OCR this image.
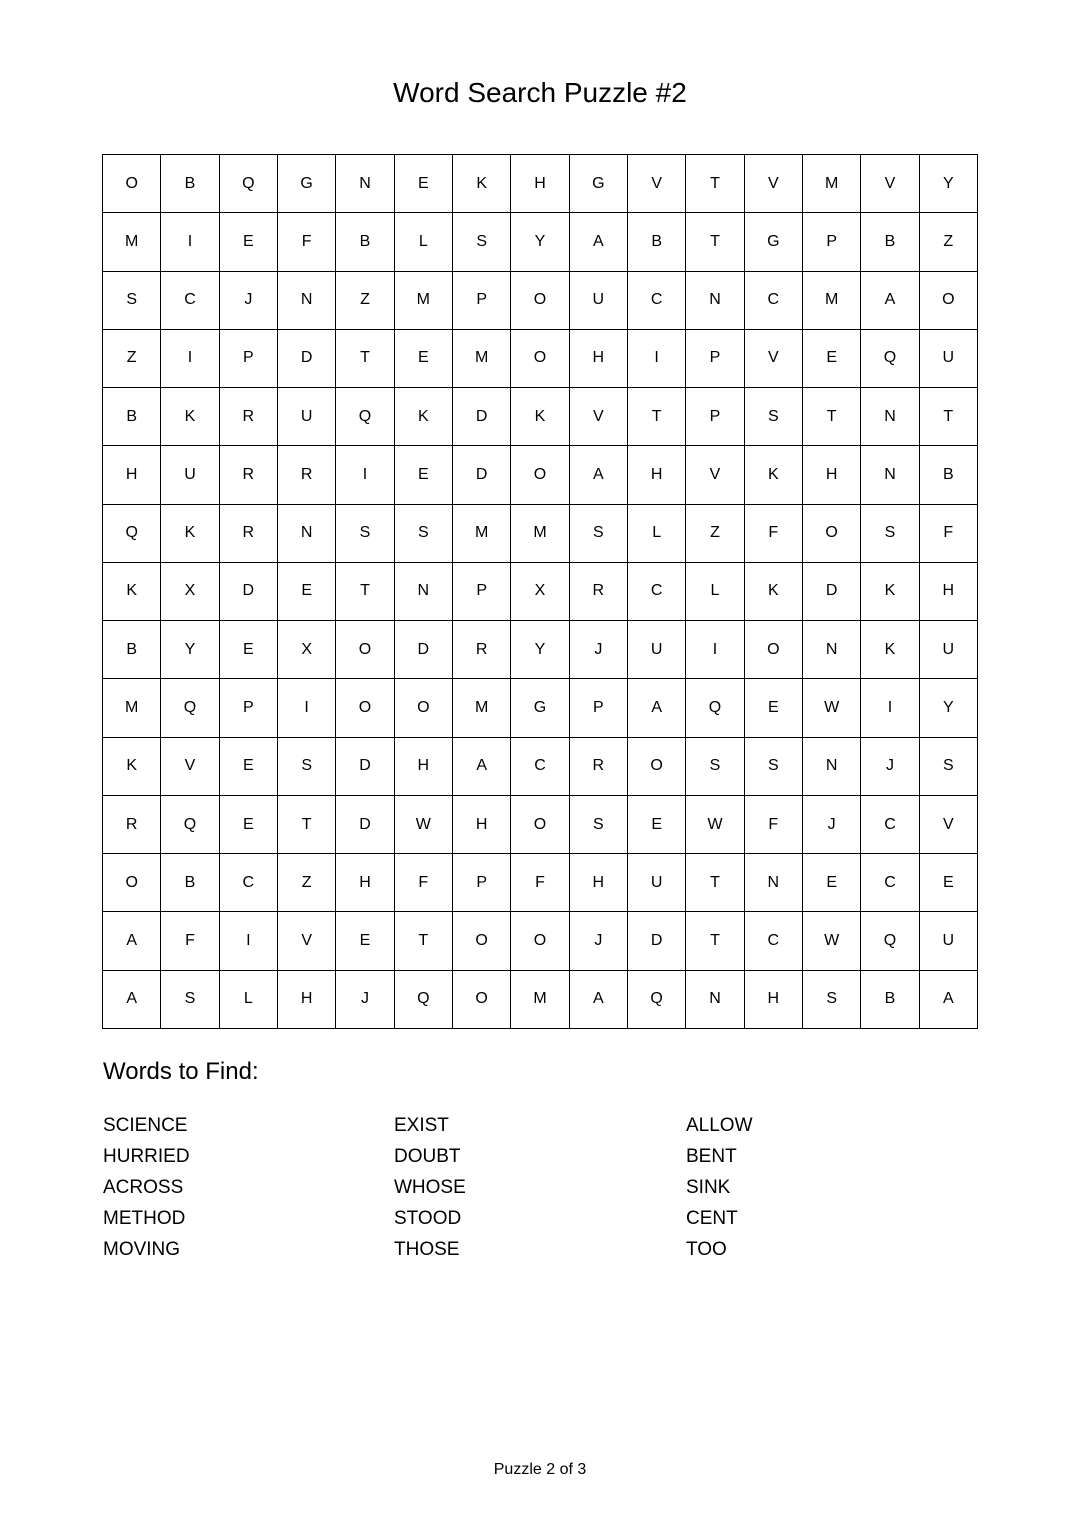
Word Search Puzzle #2
O	B	Q	G	N	E	K	H	G	V	T	V	M	V	Y
M	I	E	F	B	L	S	Y	A	B	T	G	P	B	Z
S	C	J	N	Z	M	P	O	U	C	N	C	M	A	O
Z	I	P	D	T	E	M	O	H	I	P	V	E	Q	U
B	K	R	U	Q	K	D	K	V	T	P	S	T	N	T
H	U	R	R	I	E	D	O	A	H	V	K	H	N	B
Q	K	R	N	S	S	M	M	S	L	Z	F	O	S	F
K	X	D	E	T	N	P	X	R	C	L	K	D	K	H
B	Y	E	X	O	D	R	Y	J	U	I	O	N	K	U
M	Q	P	I	O	O	M	G	P	A	Q	E	W	I	Y
K	V	E	S	D	H	A	C	R	O	S	S	N	J	S
R	Q	E	T	D	W	H	O	S	E	W	F	J	C	V
O	B	C	Z	H	F	P	F	H	U	T	N	E	C	E
A	F	I	V	E	T	O	O	J	D	T	C	W	Q	U
A	S	L	H	J	Q	O	M	A	Q	N	H	S	B	A
Words to Find:
SCIENCE
HURRIED
ACROSS
METHOD
MOVING
EXIST
DOUBT
WHOSE
STOOD
THOSE
ALLOW
BENT
SINK
CENT
TOO
Puzzle 2 of 3
